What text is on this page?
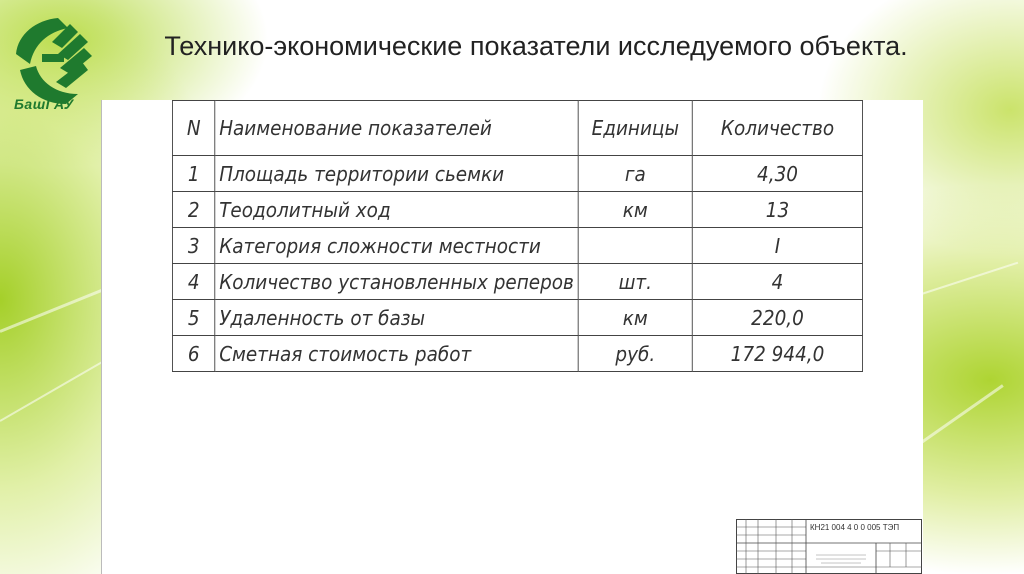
БашГАУ
Технико-экономические показатели исследуемого объекта.
N	Наименование показателей	Единицы	Количество
1	Площадь территории сьемки	га	4,30
2	Теодолитный ход	км	13
3	Категория сложности местности		I
4	Количество установленных реперов	шт.	4
5	Удаленность от базы	км	220,0
6	Сметная стоимость работ	руб.	172 944,0
КН21 004 4 0 0 005 ТЭП
